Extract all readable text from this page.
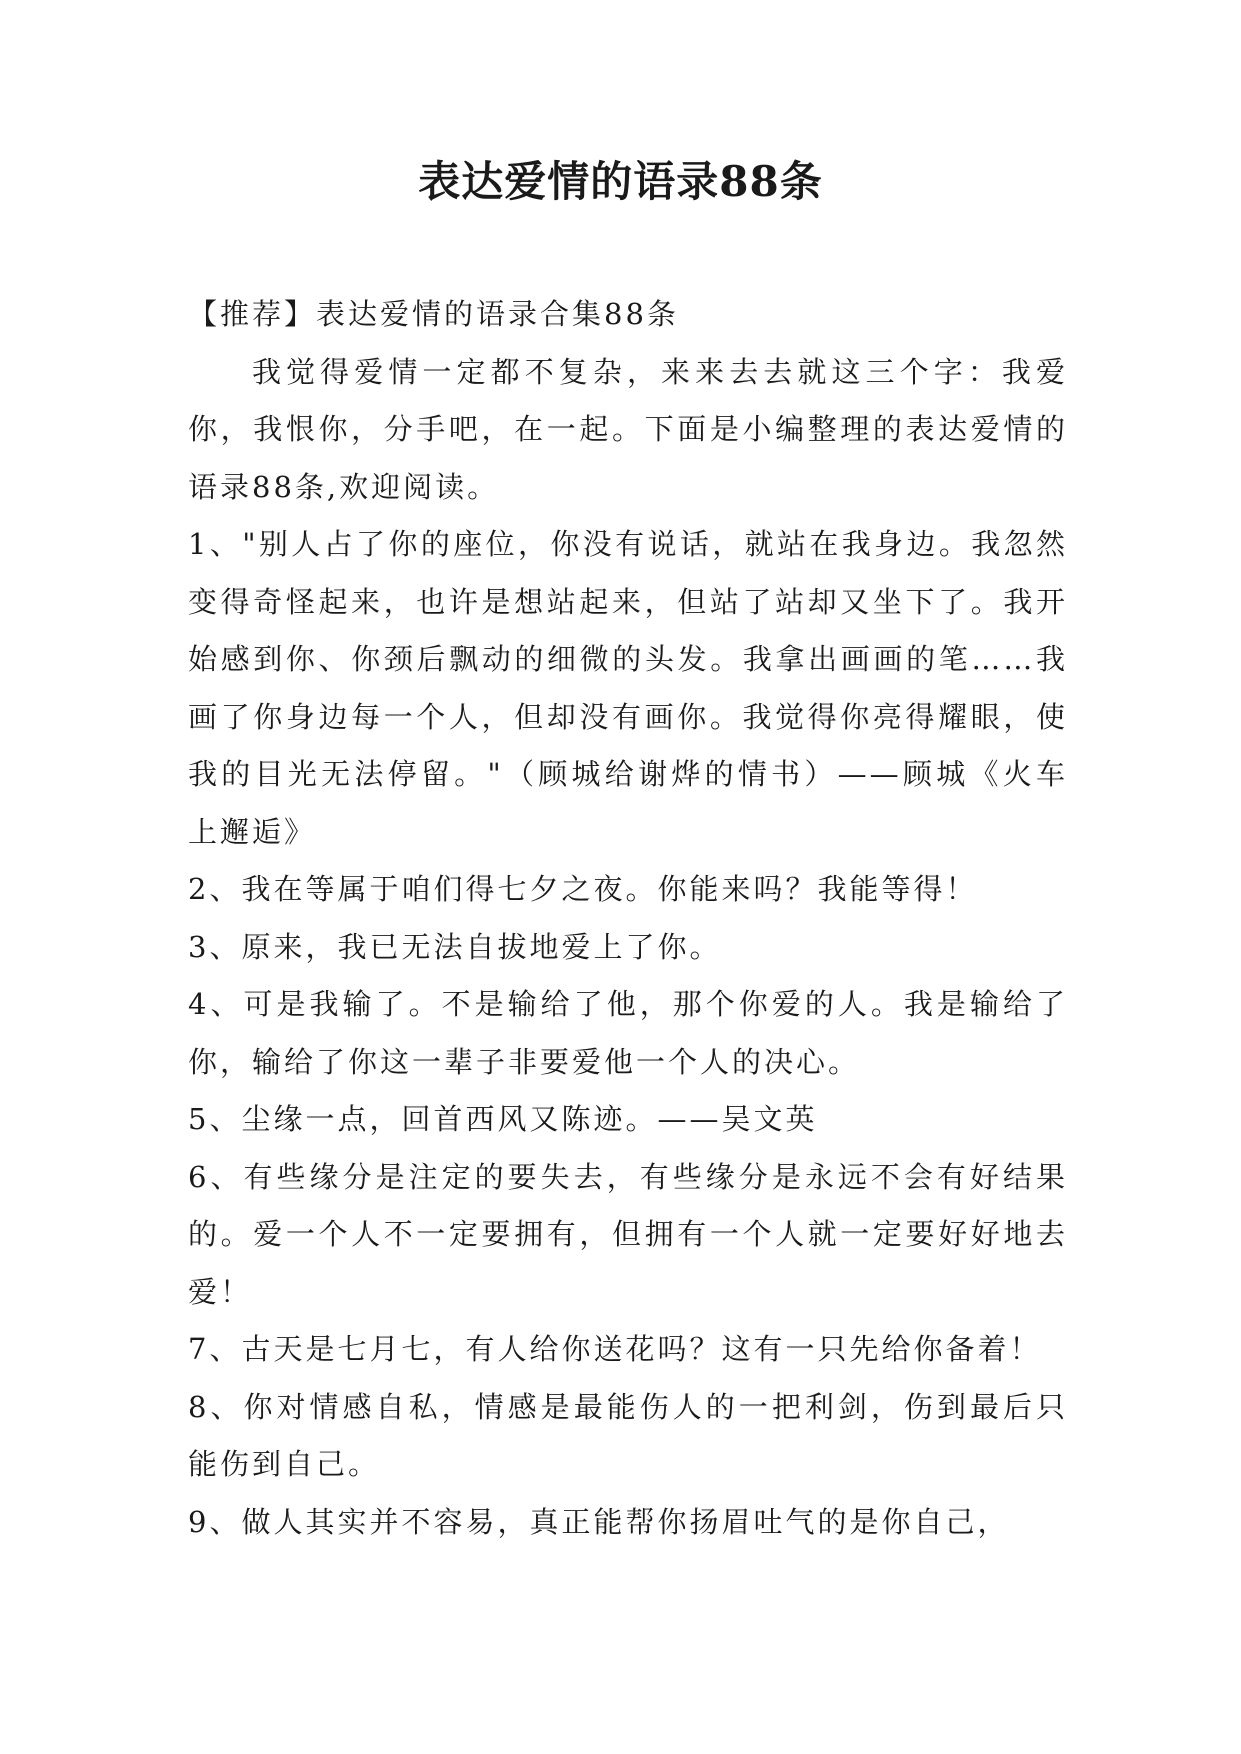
表达爱情的语录88条

【推荐】表达爱情的语录合集88条

我觉得爱情一定都不复杂，来来去去就这三个字：我爱你，我恨你，分手吧，在一起。下面是小编整理的表达爱情的语录88条,欢迎阅读。

1、"别人占了你的座位，你没有说话，就站在我身边。我忽然变得奇怪起来，也许是想站起来，但站了站却又坐下了。我开始感到你、你颈后飘动的细微的头发。我拿出画画的笔……我画了你身边每一个人，但却没有画你。我觉得你亮得耀眼，使我的目光无法停留。"（顾城给谢烨的情书）——顾城《火车上邂逅》

2、我在等属于咱们得七夕之夜。你能来吗？我能等得！

3、原来，我已无法自拔地爱上了你。

4、可是我输了。不是输给了他，那个你爱的人。我是输给了你，输给了你这一辈子非要爱他一个人的决心。

5、尘缘一点，回首西风又陈迹。——吴文英

6、有些缘分是注定的要失去，有些缘分是永远不会有好结果的。爱一个人不一定要拥有，但拥有一个人就一定要好好地去爱！

7、古天是七月七，有人给你送花吗？这有一只先给你备着！

8、你对情感自私，情感是最能伤人的一把利剑，伤到最后只能伤到自己。

9、做人其实并不容易，真正能帮你扬眉吐气的是你自己，
